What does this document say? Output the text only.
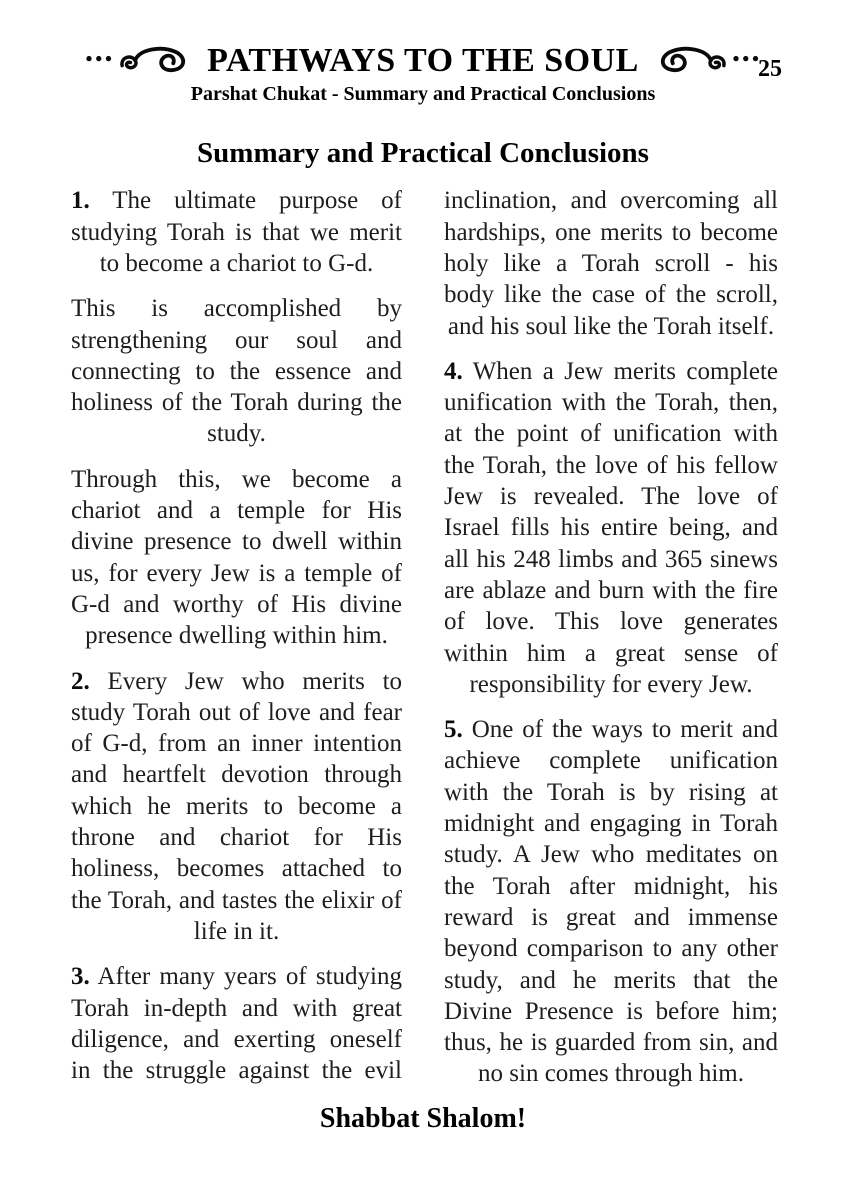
...	PATHWAYS TO THE SOUL	...
25
Parshat Chukat - Summary and Practical Conclusions
Summary and Practical Conclusions

1. The ultimate purpose of studying Torah is that we merit to become a chariot to G-d.

This is accomplished by strengthening our soul and connecting to the essence and holiness of the Torah during the study.

Through this, we become a chariot and a temple for His divine presence to dwell within us, for every Jew is a temple of G-d and worthy of His divine presence dwelling within him.

2. Every Jew who merits to study Torah out of love and fear of G-d, from an inner intention and heartfelt devotion through which he merits to become a throne and chariot for His holiness, becomes attached to the Torah, and tastes the elixir of life in it.

3. After many years of studying Torah in-depth and with great diligence, and exerting oneself in the struggle against the evil

inclination, and overcoming all hardships, one merits to become holy like a Torah scroll - his body like the case of the scroll, and his soul like the Torah itself.

4. When a Jew merits complete unification with the Torah, then, at the point of unification with the Torah, the love of his fellow Jew is revealed. The love of Israel fills his entire being, and all his 248 limbs and 365 sinews are ablaze and burn with the fire of love. This love generates within him a great sense of responsibility for every Jew.

5. One of the ways to merit and achieve complete unification with the Torah is by rising at midnight and engaging in Torah study. A Jew who meditates on the Torah after midnight, his reward is great and immense beyond comparison to any other study, and he merits that the Divine Presence is before him; thus, he is guarded from sin, and no sin comes through him.

Shabbat Shalom!
